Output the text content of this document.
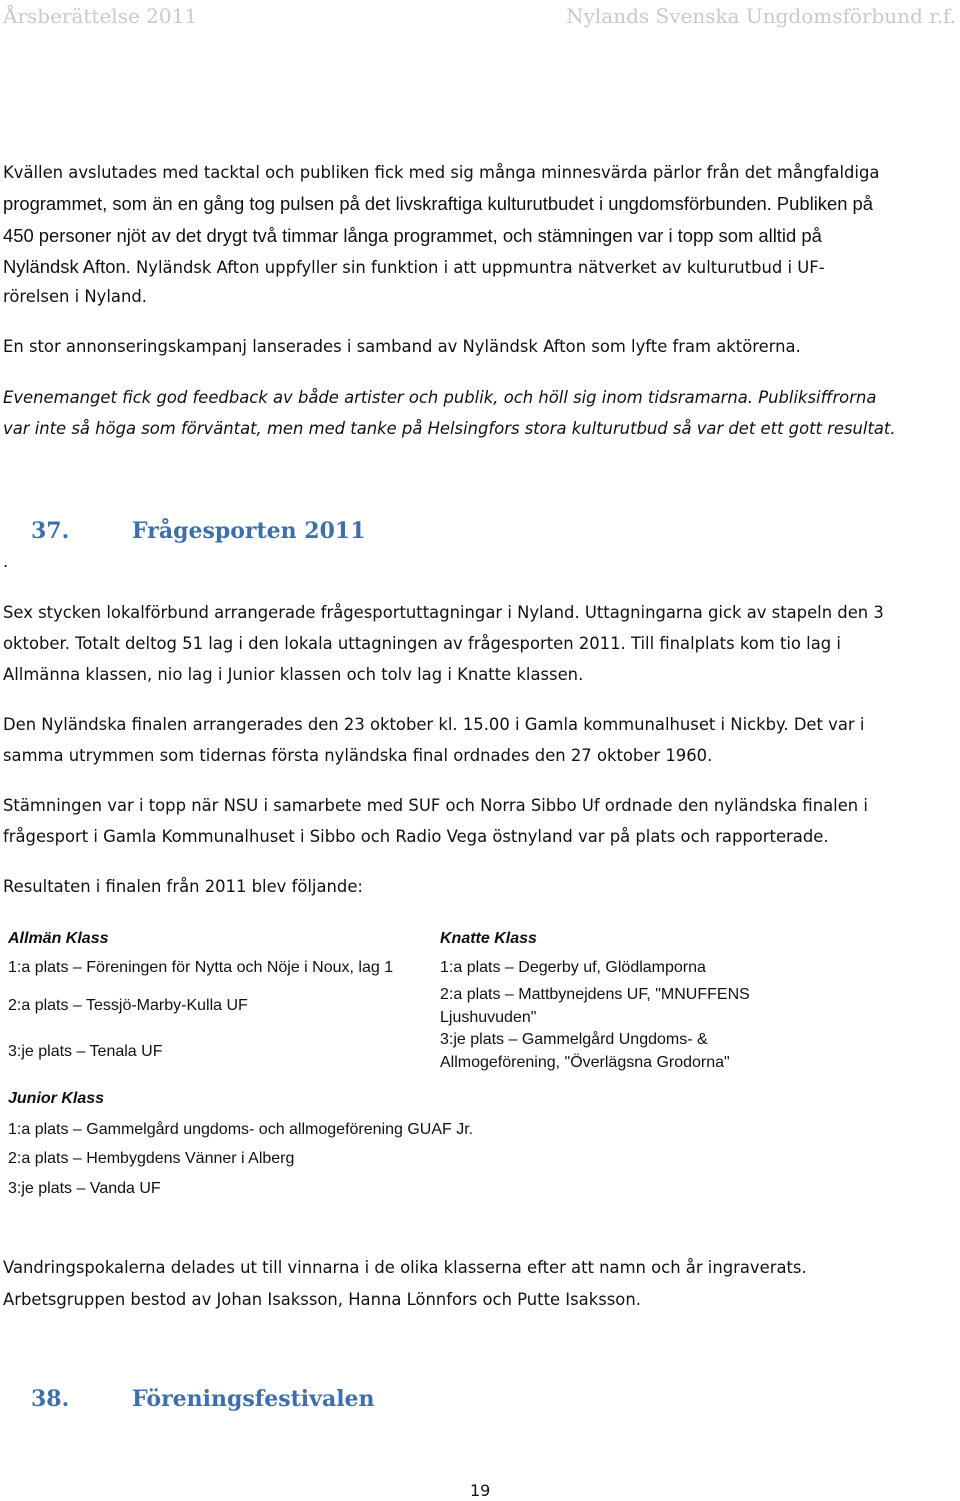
Årsberättelse 2011	Nylands Svenska Ungdomsförbund r.f.
Kvällen avslutades med tacktal och publiken fick med sig många minnesvärda pärlor från det mångfaldiga
programmet, som än en gång tog pulsen på det livskraftiga kulturutbudet i ungdomsförbunden. Publiken på
450 personer njöt av det drygt två timmar långa programmet, och stämningen var i topp som alltid på
Nyländsk Afton. Nyländsk Afton uppfyller sin funktion i att uppmuntra nätverket av kulturutbud i UF-
rörelsen i Nyland.
En stor annonseringskampanj lanserades i samband av Nyländsk Afton som lyfte fram aktörerna.
Evenemanget fick god feedback av både artister och publik, och höll sig inom tidsramarna. Publiksiffrorna
var inte så höga som förväntat, men med tanke på Helsingfors stora kulturutbud så var det ett gott resultat.
.
37.	Frågesporten 2011
Sex stycken lokalförbund arrangerade frågesportuttagningar i Nyland. Uttagningarna gick av stapeln den 3
oktober. Totalt deltog 51 lag i den lokala uttagningen av frågesporten 2011. Till finalplats kom tio lag i
Allmänna klassen, nio lag i Junior klassen och tolv lag i Knatte klassen.
Den Nyländska finalen arrangerades den 23 oktober kl. 15.00 i Gamla kommunalhuset i Nickby. Det var i
samma utrymmen som tidernas första nyländska final ordnades den 27 oktober 1960.
Stämningen var i topp när NSU i samarbete med SUF och Norra Sibbo Uf ordnade den nyländska finalen i
frågesport i Gamla Kommunalhuset i Sibbo och Radio Vega östnyland var på plats och rapporterade.
Resultaten i finalen från 2011 blev följande:
Allmän Klass
1:a plats – Föreningen för Nytta och Nöje i Noux, lag 1
2:a plats – Tessjö-Marby-Kulla UF
3:je plats – Tenala UF
Knatte Klass
1:a plats – Degerby uf, Glödlamporna
2:a plats – Mattbynejdens UF, "MNUFFENS
Ljushuvuden"
3:je plats – Gammelgård Ungdoms- &
Allmogeförening, "Överlägsna Grodorna"
Junior Klass
1:a plats – Gammelgård ungdoms- och allmogeförening GUAF Jr.
2:a plats – Hembygdens Vänner i Alberg
3:je plats – Vanda UF
Vandringspokalerna delades ut till vinnarna i de olika klasserna efter att namn och år ingraverats.
Arbetsgruppen bestod av Johan Isaksson, Hanna Lönnfors och Putte Isaksson.
38.	Föreningsfestivalen
19
